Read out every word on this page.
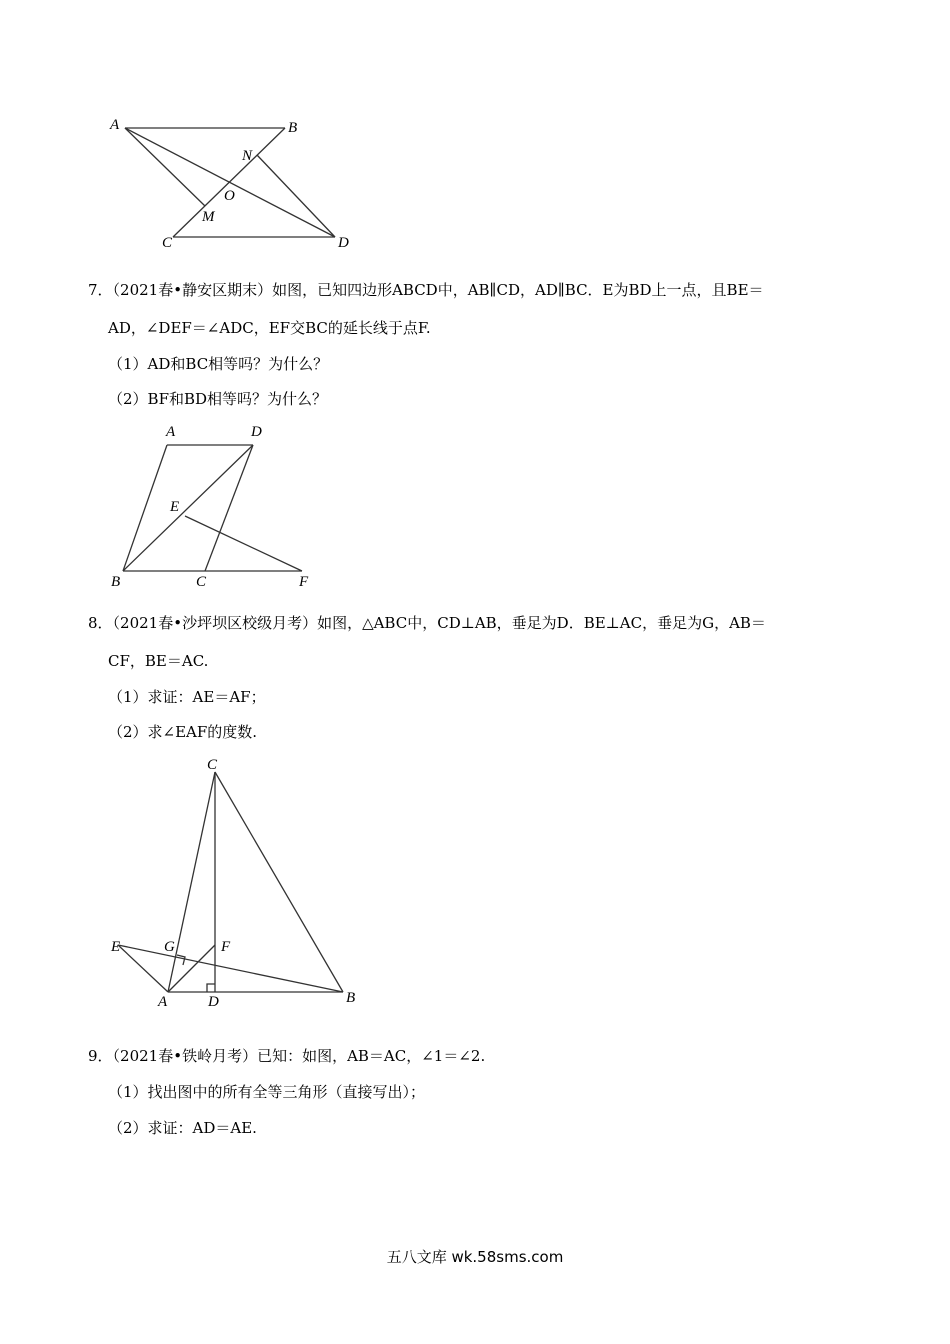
A	B
N
O
M
C	D
7．（2021春•静安区期末）如图，已知四边形ABCD中，AB∥CD，AD∥BC．E为BD上一点，且BE＝
AD，∠DEF＝∠ADC，EF交BC的延长线于点F.
（1）AD和BC相等吗？为什么？
（2）BF和BD相等吗？为什么？
A	D
E
B	C	F
8．（2021春•沙坪坝区校级月考）如图，△ABC中，CD⊥AB，垂足为D．BE⊥AC，垂足为G，AB＝
CF，BE＝AC.
（1）求证：AE＝AF；
（2）求∠EAF的度数.
C
E	G	F
A	D	B
9．（2021春•铁岭月考）已知：如图，AB＝AC，∠1＝∠2.
（1）找出图中的所有全等三角形（直接写出）；
（2）求证：AD＝AE.
五八文库 wk.58sms.com
